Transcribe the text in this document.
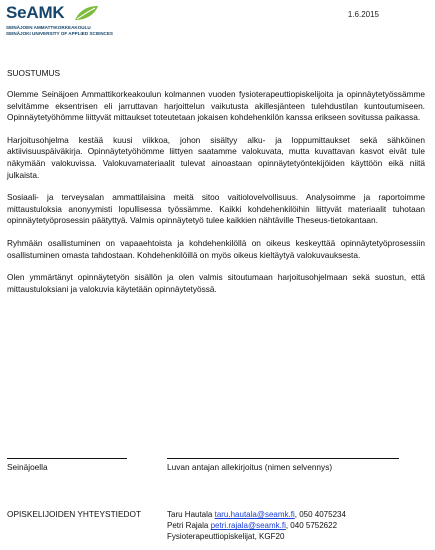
SeAMK
SEINÄJOEN AMMATTIKORKEAKOULU
SEINÄJOKI UNIVERSITY OF APPLIED SCIENCES
1.6.2015
SUOSTUMUS

Olemme Seinäjoen Ammattikorkeakoulun kolmannen vuoden fysioterapeuttiopiskelijoita ja opinnäytetyössämme selvitämme eksentrisen eli jarruttavan harjoittelun vaikutusta akillesjänteen tulehdustilan kuntoutumiseen. Opinnäytetyöhömme liittyvät mittaukset toteutetaan jokaisen kohdehenkilön kanssa erikseen sovitussa paikassa.

Harjoitusohjelma kestää kuusi viikkoa, johon sisältyy alku- ja loppumittaukset sekä sähköinen aktiivisuuspäiväkirja. Opinnäytetyöhömme liittyen saatamme valokuvata, mutta kuvattavan kasvot eivät tule näkymään valokuvissa. Valokuvamateriaalit tulevat ainoastaan opinnäytetyöntekijöiden käyttöön eikä niitä julkaista.

Sosiaali- ja terveysalan ammattilaisina meitä sitoo vaitiolovelvollisuus. Analysoimme ja raportoimme mittaustuloksia anonyymisti lopullisessa työssämme. Kaikki kohdehenkilöihin liittyvät materiaalit tuhotaan opinnäytetyöprosessin päätyttyä. Valmis opinnäytetyö tulee kaikkien nähtäville Theseus-tietokantaan.

Ryhmään osallistuminen on vapaaehtoista ja kohdehenkilöllä on oikeus keskeyttää opinnäytetyöprosessiin osallistuminen omasta tahdostaan. Kohdehenkilöillä on myös oikeus kieltäytyä valokuvauksesta.

Olen ymmärtänyt opinnäytetyön sisällön ja olen valmis sitoutumaan harjoitusohjelmaan sekä suostun, että mittaustuloksiani ja valokuvia käytetään opinnäytetyössä.

Seinäjoella	Luvan antajan allekirjoitus (nimen selvennys)
OPISKELIJOIDEN YHTEYSTIEDOT	Taru Hautala taru.hautala@seamk.fi, 050 4075234
Petri Rajala petri.rajala@seamk.fi, 040 5752622
Fysioterapeuttiopiskelijat, KGF20
